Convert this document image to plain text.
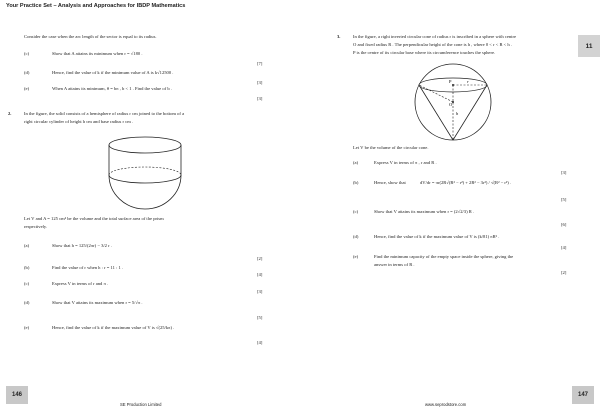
Your Practice Set – Analysis and Approaches for IBDP Mathematics
11
Consider the case when the arc length of the sector is equal to its radius.
(c)	Show that A attains its minimum when r = √180 .
[7]
(d)	Hence, find the value of k if the minimum value of A is k√12500 .
[3]
(e)	When A attains its minimum, θ = bπ , b < 1 . Find the value of b .
[3]
2.	In the figure, the solid consists of a hemisphere of radius r cm joined to the bottom of a
right circular cylinder of height h cm and base radius r cm .
Let V and A = 125 cm² be the volume and the total surface area of the prism
respectively.
(a)	Show that h = 125/(2πr) − 3/2 r .
[2]
(b)	Find the value of r when h : r = 11 : 1 .
[4]
(c)	Express V in terms of r and π .
[3]
(d)	Show that V attains its maximum when r = 5/√π .
[5]
(e)	Hence, find the value of k if the maximum value of V is √(25/kπ) .
[4]
3.	In the figure, a right inverted circular cone of radius r is inscribed in a sphere with centre
O and fixed radius R . The perpendicular height of the cone is h , where 0 < r < R < h .
P is the centre of its circular base where its circumference touches the sphere.
P
O
r
h
Let V be the volume of the circular cone.
(a)	Express V in terms of π , r and R .
[3]
(b)	Hence, show that	dV/dr = πr(2R√(R² − r²) + 2R² − 3r²) / √(R² − r²) .
[5]
(c)	Show that V attains its maximum when r = (2√2/3) R .
[6]
(d)	Hence, find the value of k if the maximum value of V is (k/81) πR³ .
[4]
(e)	Find the minimum capacity of the empty space inside the sphere, giving the
answer in terms of R .
[2]
146	147
SE Production Limited	www.seprodstore.com
